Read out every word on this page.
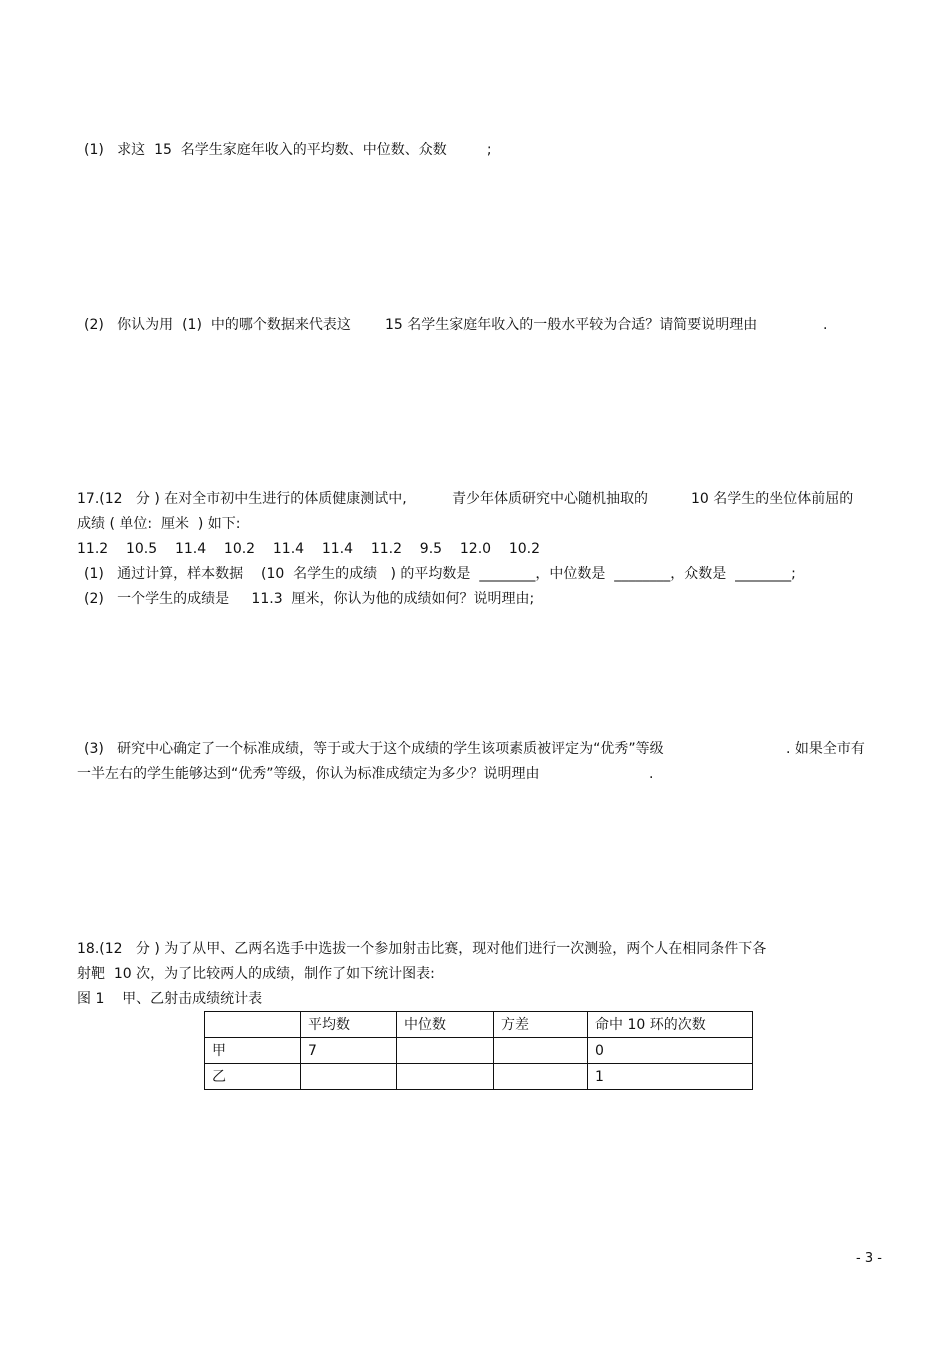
(1)   求这  15  名学生家庭年收入的平均数、中位数、众数         ;

(2)   你认为用  (1)  中的哪个数据来代表这

15 名学生家庭年收入的一般水平较为合适？请简要说明理由

	.

17.(12   分 ) 在对全市初中生进行的体质健康测试中,

	青少年体质研究中心随机抽取的

	10 名学生的坐位体前屈的

成绩 ( 单位:  厘米  ) 如下:
11.2    10.5    11.4    10.2    11.4    11.4    11.2    9.5    12.0    10.2
(1)   通过计算，样本数据    (10  名学生的成绩   ) 的平均数是  ________，中位数是  ________，众数是  ________;
(2)   一个学生的成绩是     11.3  厘米，你认为他的成绩如何？说明理由;

(3)   研究中心确定了一个标准成绩，等于或大于这个成绩的学生该项素质被评定为“优秀”等级

	. 如果全市有

一半左右的学生能够达到“优秀”等级，你认为标准成绩定为多少？说明理由

	.

18.(12   分 ) 为了从甲、乙两名选手中选拔一个参加射击比赛，现对他们进行一次测验，两个人在相同条件下各
射靶  10 次，为了比较两人的成绩，制作了如下统计图表:
图 1    甲、乙射击成绩统计表
	平均数	中位数	方差	命中 10 环的次数
甲	7			0
乙				1
- 3 -
